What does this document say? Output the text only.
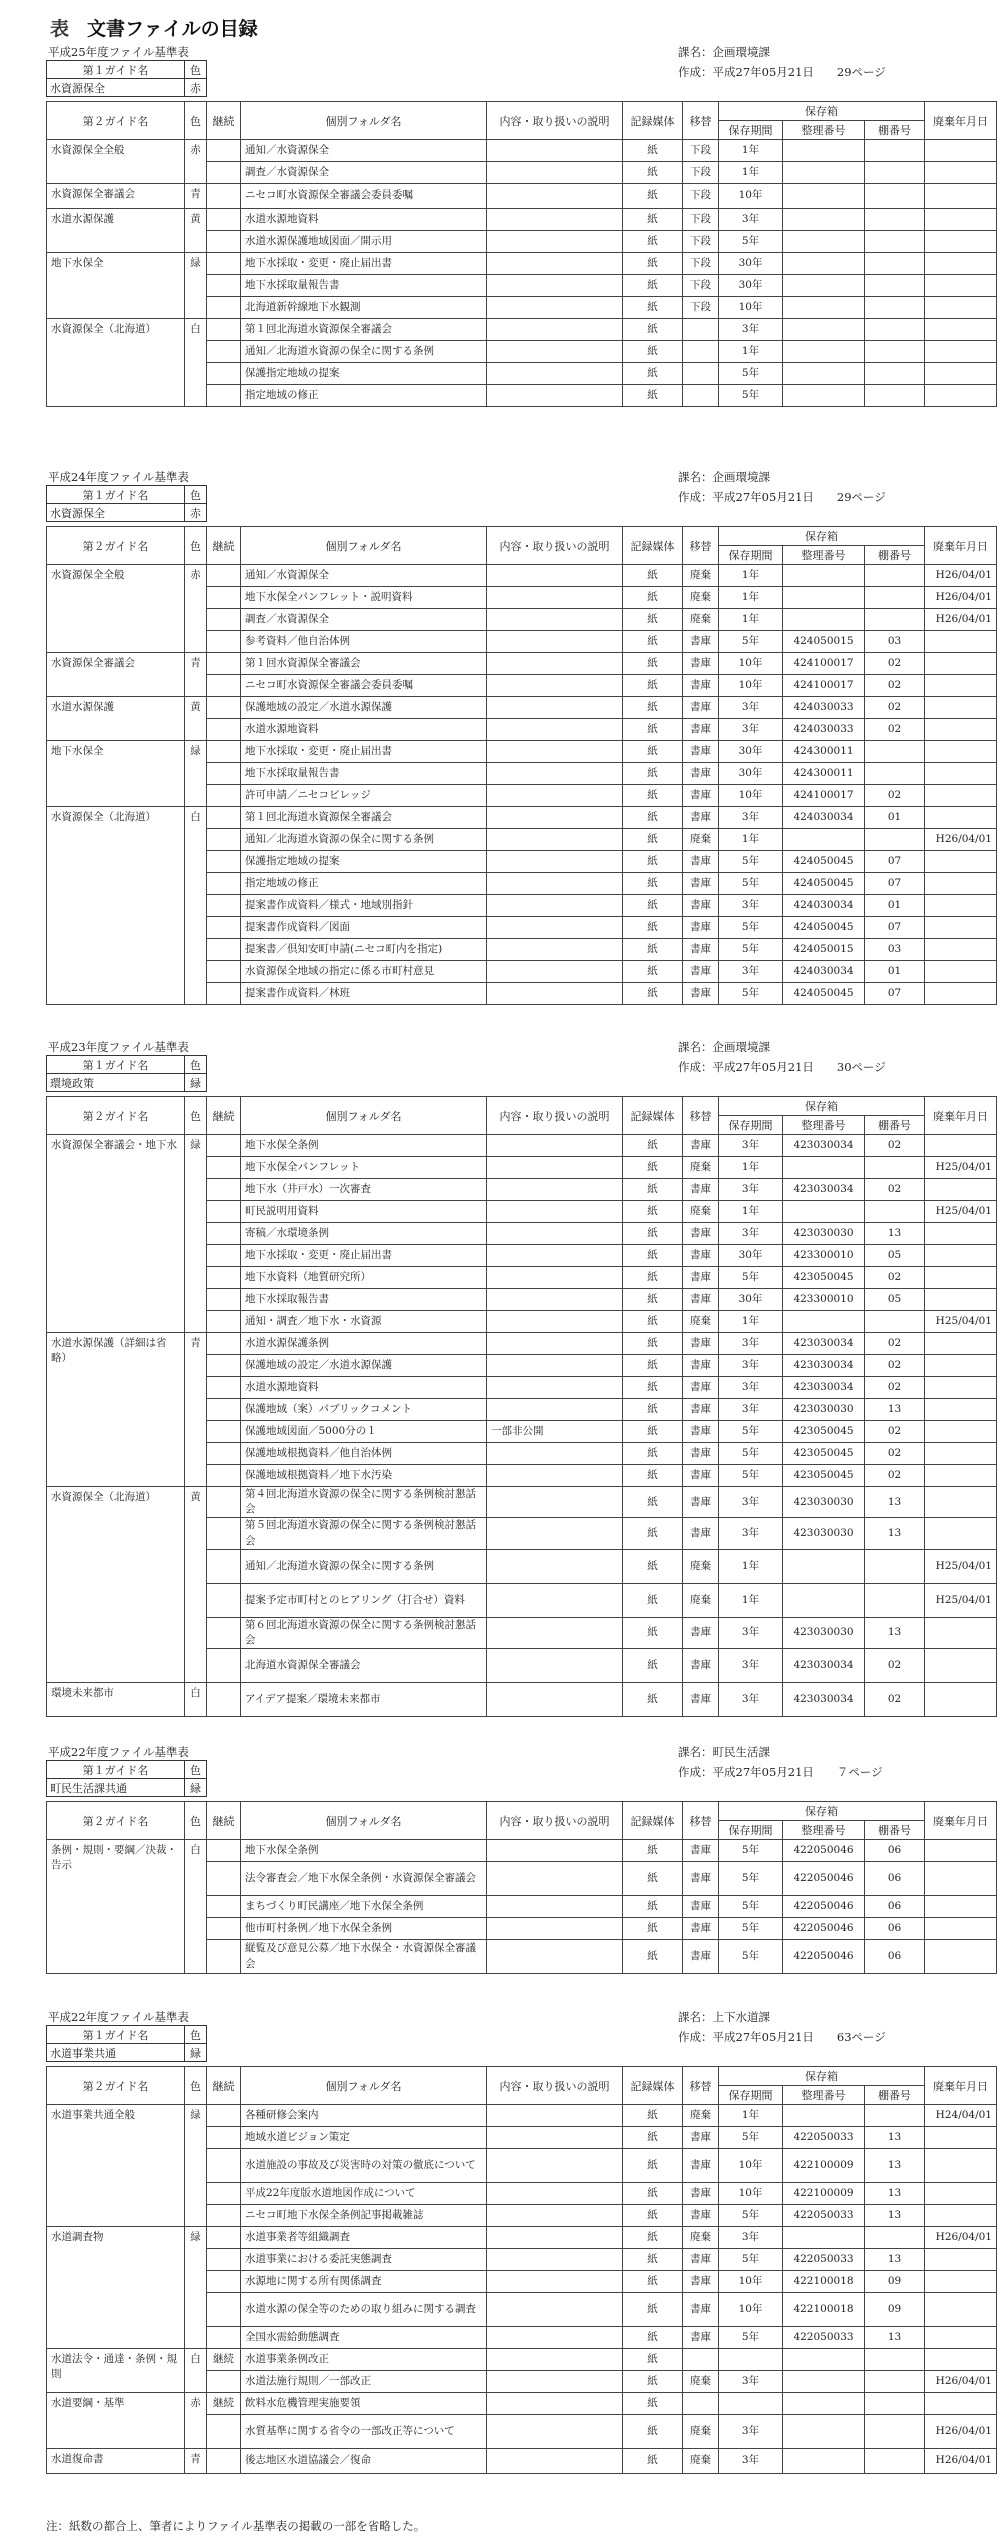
表 文書ファイルの目録
平成25年度ファイル基準表	課名：企画環境課
作成：平成27年05月21日　　29ページ
第１ガイド名	色
水資源保全	赤
第２ガイド名	色	継続	個別フォルダ名	内容・取り扱いの説明	記録媒体	移替	保存箱			廃棄年月日
							保存期間	整理番号	棚番号	
水資源保全全般	赤		通知／水資源保全		紙	下段	1年			
			調査／水資源保全		紙	下段	1年			
水資源保全審議会	青		ニセコ町水資源保全審議会委員委嘱		紙	下段	10年			
水道水源保護	黄		水道水源地資料		紙	下段	3年			
			水道水源保護地域図面／開示用		紙	下段	5年			
地下水保全	緑		地下水採取・変更・廃止届出書		紙	下段	30年			
			地下水採取量報告書		紙	下段	30年			
			北海道新幹線地下水観測		紙	下段	10年			
水資源保全（北海道）	白		第１回北海道水資源保全審議会		紙		3年			
			通知／北海道水資源の保全に関する条例		紙		1年			
			保護指定地域の提案		紙		5年			
			指定地域の修正		紙		5年			
平成24年度ファイル基準表	課名：企画環境課
作成：平成27年05月21日　　29ページ
第１ガイド名	色
水資源保全	赤
第２ガイド名	色	継続	個別フォルダ名	内容・取り扱いの説明	記録媒体	移替	保存箱			廃棄年月日
							保存期間	整理番号	棚番号	
水資源保全全般	赤		通知／水資源保全		紙	廃棄	1年			H26/04/01
			地下水保全パンフレット・説明資料		紙	廃棄	1年			H26/04/01
			調査／水資源保全		紙	廃棄	1年			H26/04/01
			参考資料／他自治体例		紙	書庫	5年	424050015	03	
水資源保全審議会	青		第１回水資源保全審議会		紙	書庫	10年	424100017	02	
			ニセコ町水資源保全審議会委員委嘱		紙	書庫	10年	424100017	02	
水道水源保護	黄		保護地域の設定／水道水源保護		紙	書庫	3年	424030033	02	
			水道水源地資料		紙	書庫	3年	424030033	02	
地下水保全	緑		地下水採取・変更・廃止届出書		紙	書庫	30年	424300011		
			地下水採取量報告書		紙	書庫	30年	424300011		
			許可申請／ニセコビレッジ		紙	書庫	10年	424100017	02	
水資源保全（北海道）	白		第１回北海道水資源保全審議会		紙	書庫	3年	424030034	01	
			通知／北海道水資源の保全に関する条例		紙	廃棄	1年			H26/04/01
			保護指定地域の提案		紙	書庫	5年	424050045	07	
			指定地域の修正		紙	書庫	5年	424050045	07	
			提案書作成資料／様式・地域別指針		紙	書庫	3年	424030034	01	
			提案書作成資料／図面		紙	書庫	5年	424050045	07	
			提案書／倶知安町申請(ニセコ町内を指定)		紙	書庫	5年	424050015	03	
			水資源保全地域の指定に係る市町村意見		紙	書庫	3年	424030034	01	
			提案書作成資料／林班		紙	書庫	5年	424050045	07	
平成23年度ファイル基準表	課名：企画環境課
作成：平成27年05月21日　　30ページ
第１ガイド名	色
環境政策	緑
第２ガイド名	色	継続	個別フォルダ名	内容・取り扱いの説明	記録媒体	移替	保存箱			廃棄年月日
							保存期間	整理番号	棚番号	
水資源保全審議会・地下水	緑		地下水保全条例		紙	書庫	3年	423030034	02	
			地下水保全パンフレット		紙	廃棄	1年			H25/04/01
			地下水（井戸水）一次審査		紙	書庫	3年	423030034	02	
			町民説明用資料		紙	廃棄	1年			H25/04/01
			寄稿／水環境条例		紙	書庫	3年	423030030	13	
			地下水採取・変更・廃止届出書		紙	書庫	30年	423300010	05	
			地下水資料（地質研究所）		紙	書庫	5年	423050045	02	
			地下水採取報告書		紙	書庫	30年	423300010	05	
			通知・調査／地下水・水資源		紙	廃棄	1年			H25/04/01
水道水源保護（詳細は省略）	青		水道水源保護条例		紙	書庫	3年	423030034	02	
			保護地域の設定／水道水源保護		紙	書庫	3年	423030034	02	
			水道水源地資料		紙	書庫	3年	423030034	02	
			保護地域（案）パブリックコメント		紙	書庫	3年	423030030	13	
			保護地域図面／5000分の１	一部非公開	紙	書庫	5年	423050045	02	
			保護地域根拠資料／他自治体例		紙	書庫	5年	423050045	02	
			保護地域根拠資料／地下水汚染		紙	書庫	5年	423050045	02	
水資源保全（北海道）	黄		第４回北海道水資源の保全に関する条例検討懇話会		紙	書庫	3年	423030030	13	
			第５回北海道水資源の保全に関する条例検討懇話会		紙	書庫	3年	423030030	13	
			通知／北海道水資源の保全に関する条例		紙	廃棄	1年			H25/04/01
			提案予定市町村とのヒアリング（打合せ）資料		紙	廃棄	1年			H25/04/01
			第６回北海道水資源の保全に関する条例検討懇話会		紙	書庫	3年	423030030	13	
			北海道水資源保全審議会		紙	書庫	3年	423030034	02	
環境未来都市	白		アイデア提案／環境未来都市		紙	書庫	3年	423030034	02	
平成22年度ファイル基準表	課名：町民生活課
作成：平成27年05月21日　　７ページ
第１ガイド名	色
町民生活課共通	緑
第２ガイド名	色	継続	個別フォルダ名	内容・取り扱いの説明	記録媒体	移替	保存箱			廃棄年月日
							保存期間	整理番号	棚番号	
条例・規則・要綱／決裁・告示	白		地下水保全条例		紙	書庫	5年	422050046	06	
			法令審査会／地下水保全条例・水資源保全審議会		紙	書庫	5年	422050046	06	
			まちづくり町民講座／地下水保全条例		紙	書庫	5年	422050046	06	
			他市町村条例／地下水保全条例		紙	書庫	5年	422050046	06	
			縦覧及び意見公募／地下水保全・水資源保全審議会		紙	書庫	5年	422050046	06	
平成22年度ファイル基準表	課名：上下水道課
作成：平成27年05月21日　　63ページ
第１ガイド名	色
水道事業共通	緑
第２ガイド名	色	継続	個別フォルダ名	内容・取り扱いの説明	記録媒体	移替	保存箱			廃棄年月日
							保存期間	整理番号	棚番号	
水道事業共通全般	緑		各種研修会案内		紙	廃棄	1年			H24/04/01
			地域水道ビジョン策定		紙	書庫	5年	422050033	13	
			水道施設の事故及び災害時の対策の徹底について		紙	書庫	10年	422100009	13	
			平成22年度版水道地図作成について		紙	書庫	10年	422100009	13	
			ニセコ町地下水保全条例記事掲載雑誌		紙	書庫	5年	422050033	13	
水道調査物	緑		水道事業者等組織調査		紙	廃棄	3年			H26/04/01
			水道事業における委託実態調査		紙	書庫	5年	422050033	13	
			水源地に関する所有関係調査		紙	書庫	10年	422100018	09	
			水道水源の保全等のための取り組みに関する調査		紙	書庫	10年	422100018	09	
			全国水需給動態調査		紙	書庫	5年	422050033	13	
水道法令・通達・条例・規則	白	継続	水道事業条例改正		紙					
			水道法施行規則／一部改正		紙	廃棄	3年			H26/04/01
水道要綱・基準	赤	継続	飲料水危機管理実施要領		紙					
			水質基準に関する省令の一部改正等について		紙	廃棄	3年			H26/04/01
水道復命書	青		後志地区水道協議会／復命		紙	廃棄	3年			H26/04/01
注：紙数の都合上、筆者によりファイル基準表の掲載の一部を省略した。
